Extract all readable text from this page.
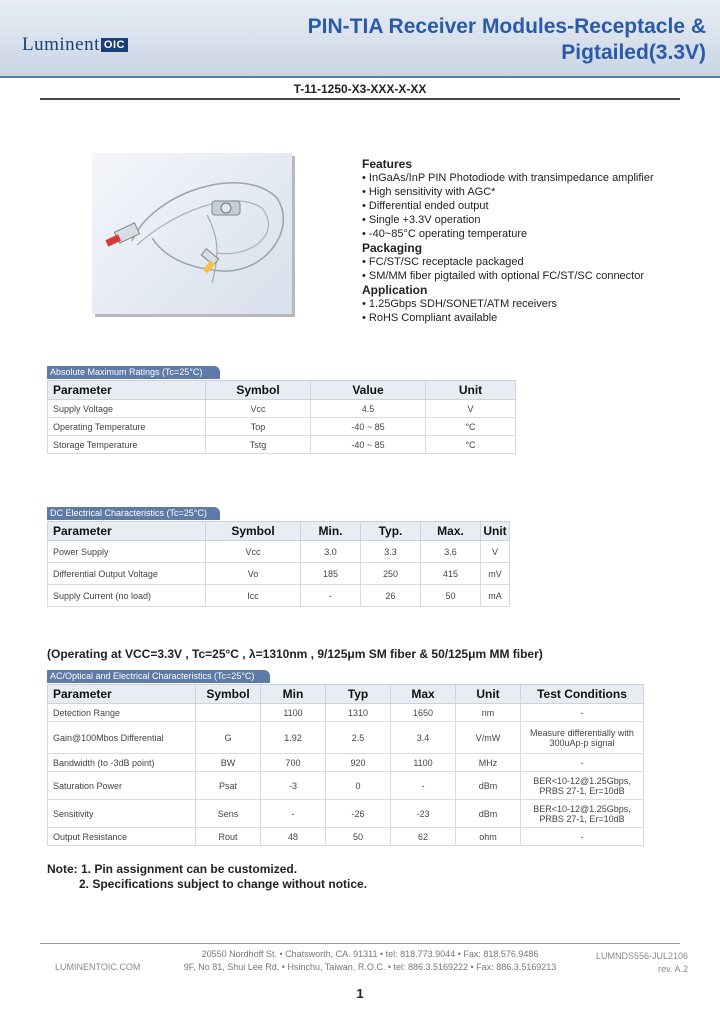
Luminent OIC
PIN-TIA Receiver Modules-Receptacle &
Pigtailed(3.3V)
T-11-1250-X3-XXX-X-XX
Features
• InGaAs/InP PIN Photodiode with transimpedance amplifier
• High sensitivity with AGC*
• Differential ended output
• Single +3.3V operation
• -40~85°C operating temperature
Packaging
• FC/ST/SC receptacle packaged
• SM/MM fiber pigtailed with optional FC/ST/SC connector
Application
• 1.25Gbps SDH/SONET/ATM receivers
• RoHS Compliant available
Absolute Maximum Ratings (Tc=25°C)
Parameter	Symbol	Value	Unit
Supply Voltage	Vcc	4.5	V
Operating Temperature	Top	-40 ~ 85	°C
Storage Temperature	Tstg	-40 ~ 85	°C
DC Electrical Characteristics (Tc=25°C)
Parameter	Symbol	Min.	Typ.	Max.	Unit
Power Supply	Vcc	3.0	3.3	3.6	V
Differential Output Voltage	Vo	185	250	415	mV
Supply Current (no load)	Icc	-	26	50	mA
(Operating at VCC=3.3V , Tc=25°C , λ=1310nm , 9/125μm SM fiber & 50/125μm MM fiber)
AC/Optical and Electrical Characteristics (Tc=25°C)
Parameter	Symbol	Min	Typ	Max	Unit	Test Conditions
Detection Range		1100	1310	1650	nm	-
Gain@100Mbos Differential	G	1.92	2.5	3.4	V/mW	Measure differentially with 300uAp-p signal
Bandwidth (to -3dB point)	BW	700	920	1100	MHz	-
Saturation Power	Psat	-3	0	-	dBm	BER<10-12@1.25Gbps, PRBS 27-1, Er=10dB
Sensitivity	Sens	-	-26	-23	dBm	BER<10-12@1.25Gbps, PRBS 27-1, Er=10dB
Output Resistance	Rout	48	50	62	ohm	-
Note: 1. Pin assignment can be customized.
2. Specifications subject to change without notice.
LUMINENTOIC.COM
20550 Nordhoff St. • Chatsworth, CA. 91311 • tel: 818.773.9044 • Fax: 818.576.9486
9F, No 81, Shui Lee Rd. • Hsinchu, Taiwan, R.O.C. • tel: 886.3.5169222 • Fax: 886.3.5169213
LUMNDS556-JUL2106
rev. A.2
1
